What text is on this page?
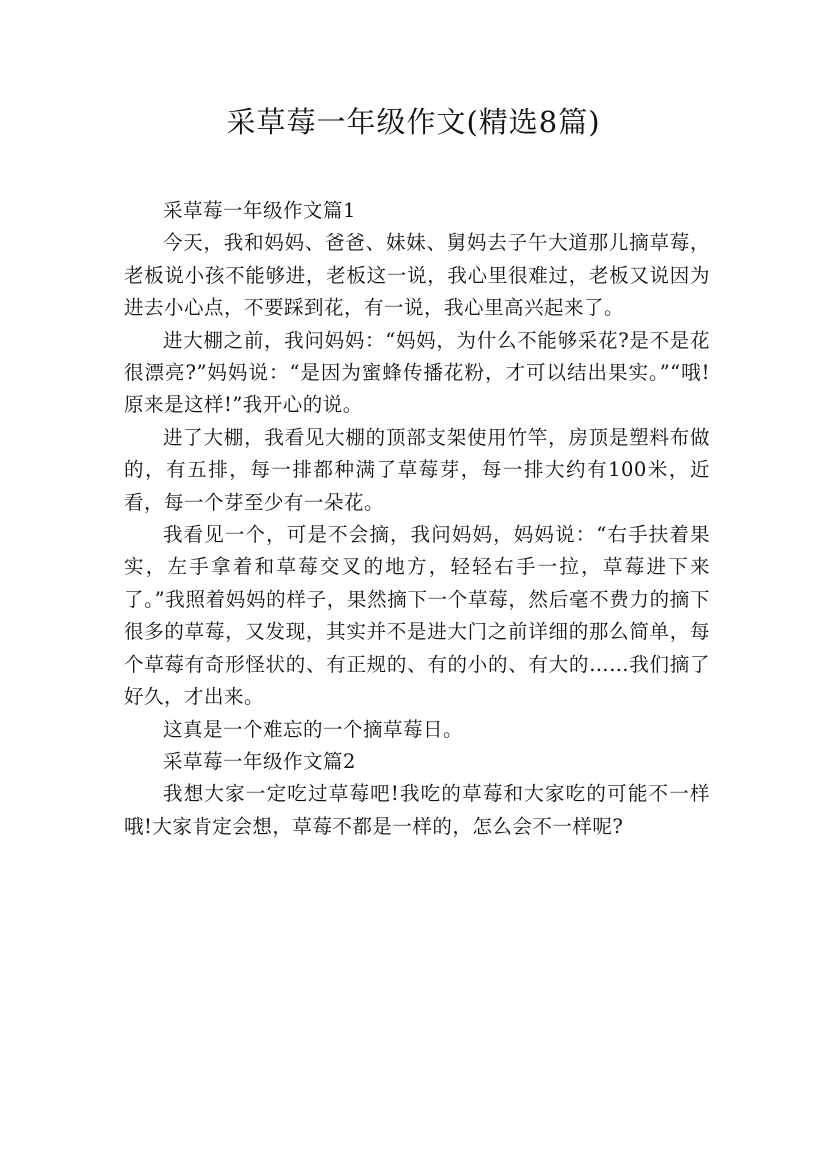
采草莓一年级作文(精选8篇)

采草莓一年级作文篇1

今天，我和妈妈、爸爸、妹妹、舅妈去子午大道那儿摘草莓，老板说小孩不能够进，老板这一说，我心里很难过，老板又说因为进去小心点，不要踩到花，有一说，我心里高兴起来了。

进大棚之前，我问妈妈：“妈妈，为什么不能够采花?是不是花很漂亮?”妈妈说：“是因为蜜蜂传播花粉，才可以结出果实。”“哦!原来是这样!”我开心的说。

进了大棚，我看见大棚的顶部支架使用竹竿，房顶是塑料布做的，有五排，每一排都种满了草莓芽，每一排大约有100米，近看，每一个芽至少有一朵花。

我看见一个，可是不会摘，我问妈妈，妈妈说：“右手扶着果实，左手拿着和草莓交叉的地方，轻轻右手一拉，草莓进下来了。”我照着妈妈的样子，果然摘下一个草莓，然后毫不费力的摘下很多的草莓，又发现，其实并不是进大门之前详细的那么简单，每个草莓有奇形怪状的、有正规的、有的小的、有大的……我们摘了好久，才出来。

这真是一个难忘的一个摘草莓日。

采草莓一年级作文篇2

我想大家一定吃过草莓吧!我吃的草莓和大家吃的可能不一样哦!大家肯定会想，草莓不都是一样的，怎么会不一样呢?
